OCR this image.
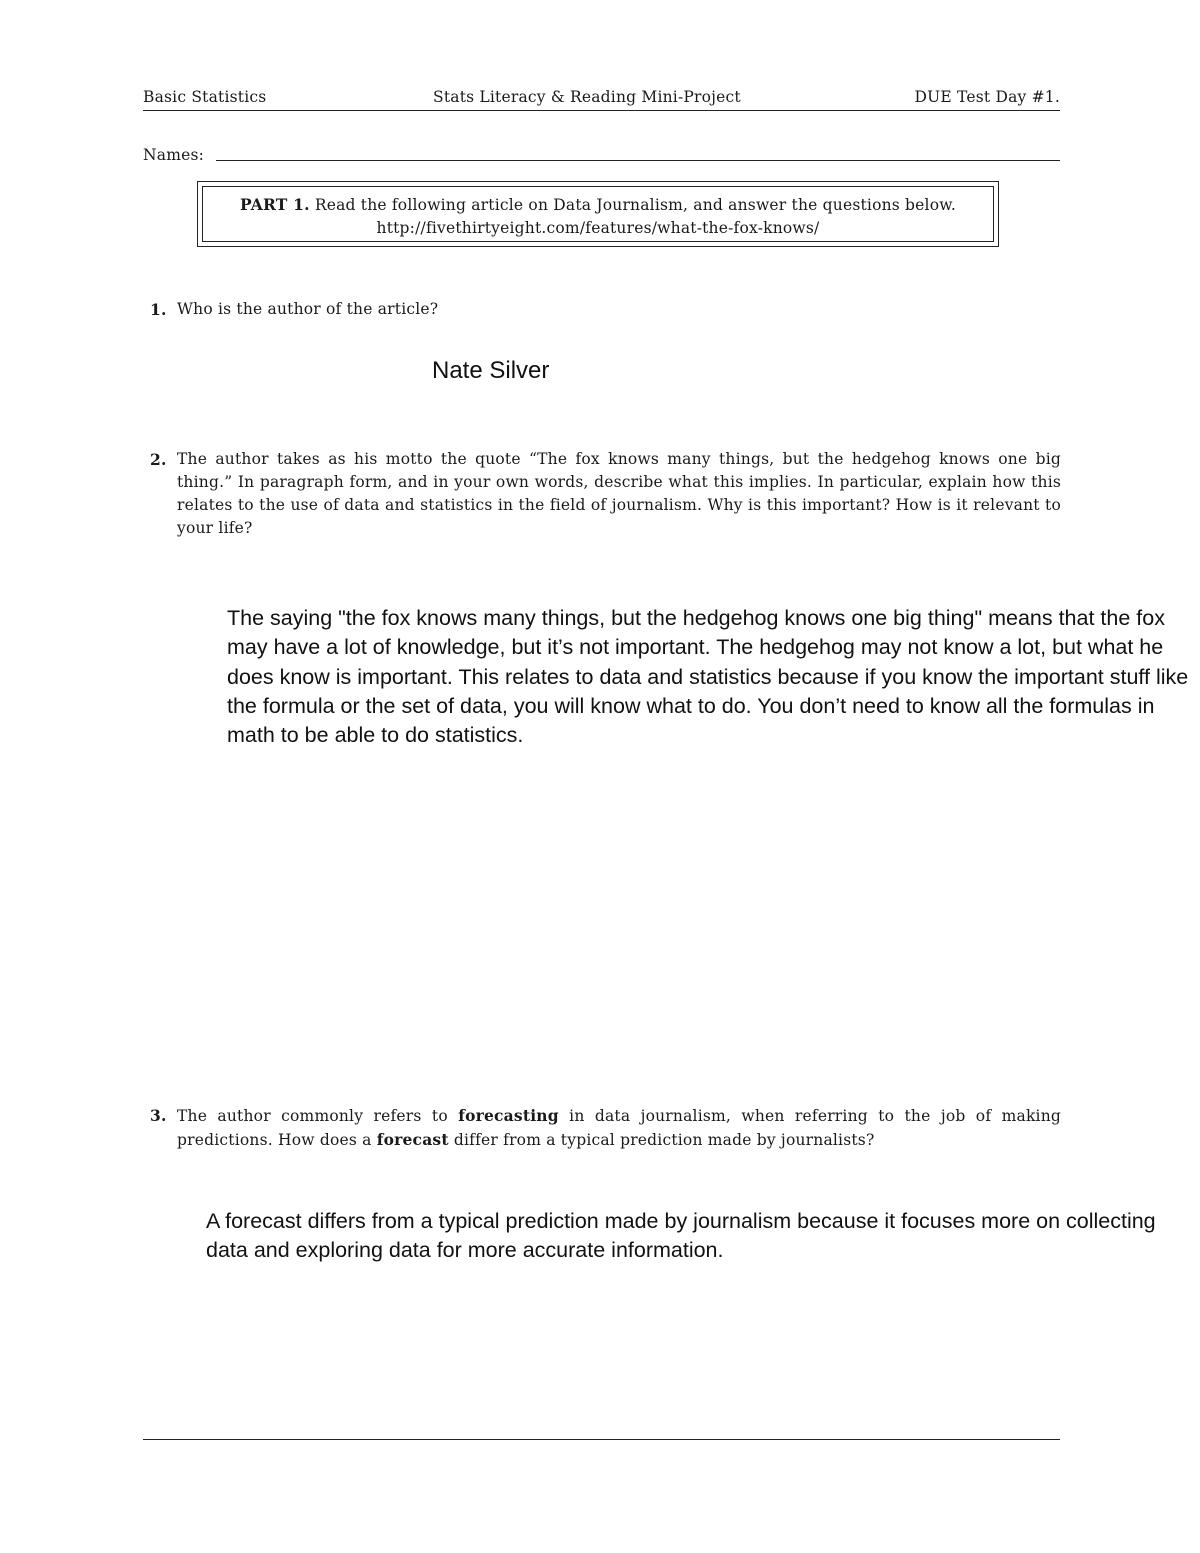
Basic Statistics	Stats Literacy & Reading Mini-Project	DUE Test Day #1.
Names:
PART 1. Read the following article on Data Journalism, and answer the questions below.
http://fivethirtyeight.com/features/what-the-fox-knows/
1. Who is the author of the article?
Nate Silver
2. The author takes as his motto the quote “The fox knows many things, but the hedgehog knows one big thing.” In paragraph form, and in your own words, describe what this implies. In particular, explain how this relates to the use of data and statistics in the field of journalism. Why is this important? How is it relevant to your life?
The saying "the fox knows many things, but the hedgehog knows one big thing" means that the fox may have a lot of knowledge, but it’s not important. The hedgehog may not know a lot, but what he does know is important. This relates to data and statistics because if you know the important stuff like the formula or the set of data, you will know what to do. You don’t need to know all the formulas in math to be able to do statistics.
3. The author commonly refers to forecasting in data journalism, when referring to the job of making predictions. How does a forecast differ from a typical prediction made by journalists?
A forecast differs from a typical prediction made by journalism because it focuses more on collecting data and exploring data for more accurate information.
